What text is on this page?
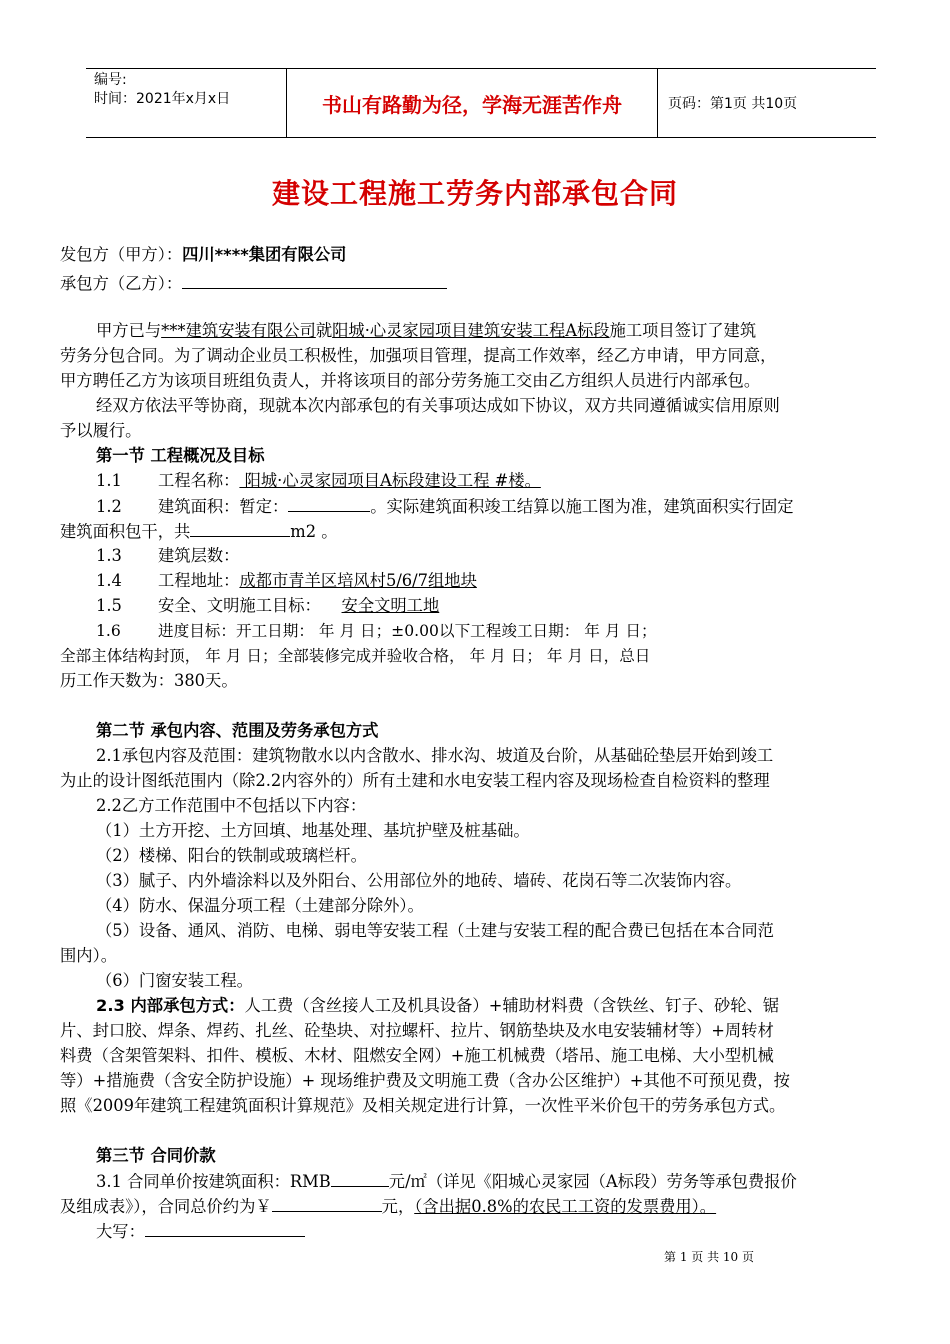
编号:
时间：2021年x月x日	书山有路勤为径，学海无涯苦作舟	页码：第1页 共10页
建设工程施工劳务内部承包合同
发包方（甲方）：四川****集团有限公司
承包方（乙方）：
甲方已与***建筑安装有限公司就阳城·心灵家园项目建筑安装工程A标段施工项目签订了建筑
劳务分包合同。为了调动企业员工积极性，加强项目管理，提高工作效率，经乙方申请，甲方同意，
甲方聘任乙方为该项目班组负责人，并将该项目的部分劳务施工交由乙方组织人员进行内部承包。
经双方依法平等协商，现就本次内部承包的有关事项达成如下协议，双方共同遵循诚实信用原则
予以履行。
第一节 工程概况及目标
1.1 工程名称： 阳城·心灵家园项目A标段建设工程 #楼。
1.2 建筑面积：暂定：	。实际建筑面积竣工结算以施工图为准，建筑面积实行固定
建筑面积包干，共	m2 。
1.3 建筑层数：
1.4 工程地址：成都市青羊区培风村5/6/7组地块
1.5 安全、文明施工目标： 安全文明工地
1.6 进度目标：开工日期： 年 月 日；±0.00以下工程竣工日期： 年 月 日；
全部主体结构封顶， 年 月 日；全部装修完成并验收合格， 年 月 日； 年 月 日，总日
历工作天数为：380天。
第二节 承包内容、范围及劳务承包方式
2.1承包内容及范围：建筑物散水以内含散水、排水沟、坡道及台阶，从基础砼垫层开始到竣工
为止的设计图纸范围内（除2.2内容外的）所有土建和水电安装工程内容及现场检查自检资料的整理
2.2乙方工作范围中不包括以下内容：
（1）土方开挖、土方回填、地基处理、基坑护壁及桩基础。
（2）楼梯、阳台的铁制或玻璃栏杆。
（3）腻子、内外墙涂料以及外阳台、公用部位外的地砖、墙砖、花岗石等二次装饰内容。
（4）防水、保温分项工程（土建部分除外）。
（5）设备、通风、消防、电梯、弱电等安装工程（土建与安装工程的配合费已包括在本合同范
围内）。
（6）门窗安装工程。
2.3 内部承包方式：人工费（含丝接人工及机具设备）+辅助材料费（含铁丝、钉子、砂轮、锯
片、封口胶、焊条、焊药、扎丝、砼垫块、对拉螺杆、拉片、钢筋垫块及水电安装辅材等）+周转材
料费（含架管架料、扣件、模板、木材、阻燃安全网）+施工机械费（塔吊、施工电梯、大小型机械
等）+措施费（含安全防护设施）+ 现场维护费及文明施工费（含办公区维护）+其他不可预见费，按
照《2009年建筑工程建筑面积计算规范》及相关规定进行计算，一次性平米价包干的劳务承包方式。
第三节 合同价款
3.1 合同单价按建筑面积：RMB	元/㎡（详见《阳城心灵家园（A标段）劳务等承包费报价
及组成表》），合同总价约为￥	元，（含出据0.8%的农民工工资的发票费用）。
大写：
第 1 页 共 10 页
